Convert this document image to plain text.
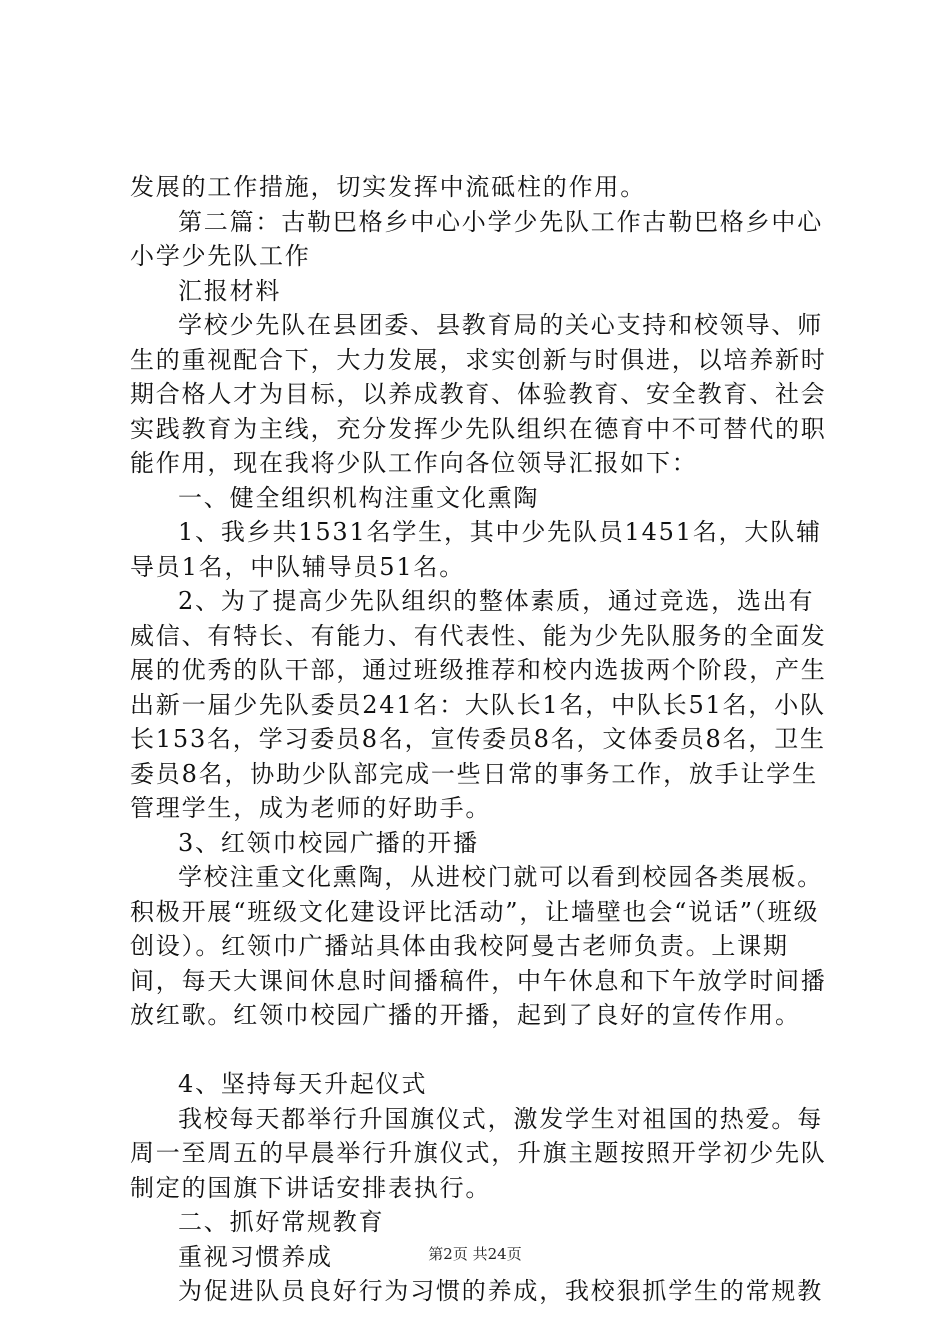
发展的工作措施，切实发挥中流砥柱的作用。

第二篇：古勒巴格乡中心小学少先队工作古勒巴格乡中心小学少先队工作

汇报材料

学校少先队在县团委、县教育局的关心支持和校领导、师生的重视配合下，大力发展，求实创新与时俱进，以培养新时期合格人才为目标，以养成教育、体验教育、安全教育、社会实践教育为主线，充分发挥少先队组织在德育中不可替代的职能作用，现在我将少队工作向各位领导汇报如下：

一、健全组织机构注重文化熏陶

1、我乡共1531名学生，其中少先队员1451名，大队辅导员1名，中队辅导员51名。

2、为了提高少先队组织的整体素质，通过竞选，选出有威信、有特长、有能力、有代表性、能为少先队服务的全面发展的优秀的队干部，通过班级推荐和校内选拔两个阶段，产生出新一届少先队委员241名：大队长1名，中队长51名，小队长153名，学习委员8名，宣传委员8名，文体委员8名，卫生委员8名，协助少队部完成一些日常的事务工作，放手让学生管理学生，成为老师的好助手。

3、红领巾校园广播的开播

学校注重文化熏陶，从进校门就可以看到校园各类展板。积极开展“班级文化建设评比活动”，让墙壁也会“说话”（班级创设）。红领巾广播站具体由我校阿曼古老师负责。上课期间，每天大课间休息时间播稿件，中午休息和下午放学时间播放红歌。红领巾校园广播的开播，起到了良好的宣传作用。

4、坚持每天升起仪式

我校每天都举行升国旗仪式，激发学生对祖国的热爱。每周一至周五的早晨举行升旗仪式，升旗主题按照开学初少先队制定的国旗下讲话安排表执行。

二、抓好常规教育

重视习惯养成

为促进队员良好行为习惯的养成，我校狠抓学生的常规教

第2页 共24页
